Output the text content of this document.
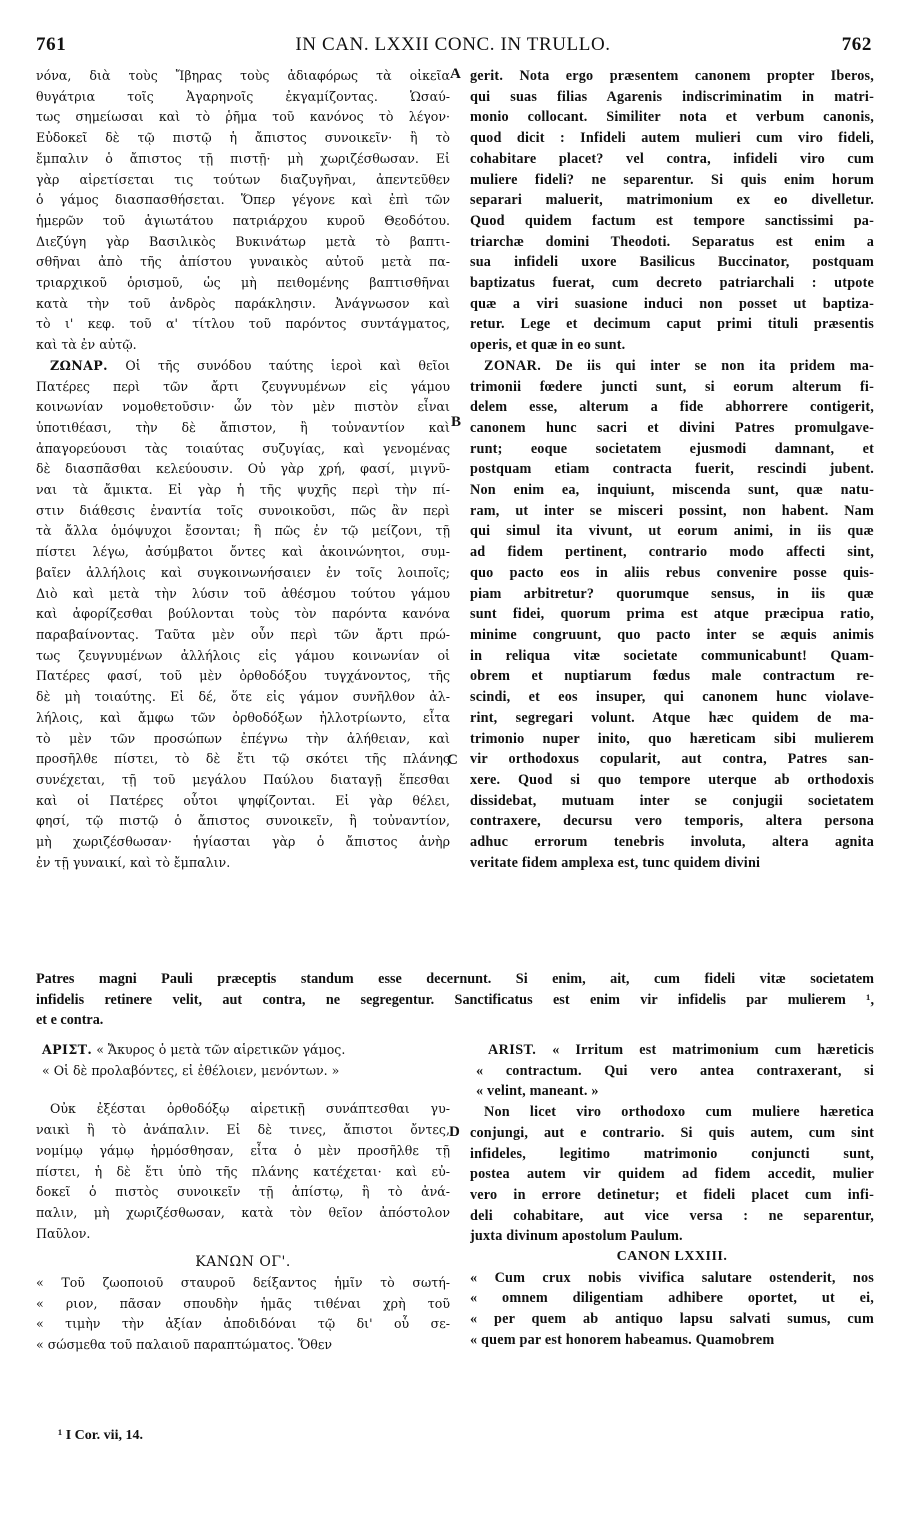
761	IN CAN. LXXII CONC. IN TRULLO.	762
A
B
C
D
νόνα, διὰ τοὺς Ἴβηρας τοὺς ἀδιαφόρως τὰ οἰκεῖα
θυγάτρια τοῖς Ἀγαρηνοῖς ἐκγαμίζοντας. Ὡσαύ-
τως σημείωσαι καὶ τὸ ῥῆμα τοῦ κανόνος τὸ λέγον·
Εὐδοκεῖ δὲ τῷ πιστῷ ἡ ἄπιστος συνοικεῖν· ἢ τὸ
ἔμπαλιν ὁ ἄπιστος τῇ πιστῇ· μὴ χωριζέσθωσαν. Εἰ
γὰρ αἱρετίσεται τις τούτων διαζυγῆναι, ἀπεντεῦθεν
ὁ γάμος διασπασθήσεται. Ὅπερ γέγονε καὶ ἐπὶ τῶν
ἡμερῶν τοῦ ἁγιωτάτου πατριάρχου κυροῦ Θεοδότου.
Διεζύγη γὰρ Βασιλικὸς Βυκινάτωρ μετὰ τὸ βαπτι-
σθῆναι ἀπὸ τῆς ἀπίστου γυναικὸς αὐτοῦ μετὰ πα-
τριαρχικοῦ ὁρισμοῦ, ὡς μὴ πειθομένης βαπτισθῆναι
κατὰ τὴν τοῦ ἀνδρὸς παράκλησιν. Ἀνάγνωσον καὶ
τὸ ι' κεφ. τοῦ α' τίτλου τοῦ παρόντος συντάγματος,
καὶ τὰ ἐν αὐτῷ.
ΖΩΝΑΡ. Οἱ τῆς συνόδου ταύτης ἱεροὶ καὶ θεῖοι
Πατέρες περὶ τῶν ἄρτι ζευγνυμένων εἰς γάμου
κοινωνίαν νομοθετοῦσιν· ὧν τὸν μὲν πιστὸν εἶναι
ὑποτιθέασι, τὴν δὲ ἄπιστον, ἢ τοὐναντίον καὶ
ἀπαγορεύουσι τὰς τοιαύτας συζυγίας, καὶ γενομένας
δὲ διασπᾶσθαι κελεύουσιν. Οὐ γὰρ χρή, φασί, μιγνῦ-
ναι τὰ ἄμικτα. Εἰ γὰρ ἡ τῆς ψυχῆς περὶ τὴν πί-
στιν διάθεσις ἐναντία τοῖς συνοικοῦσι, πῶς ἂν περὶ
τὰ ἄλλα ὁμόψυχοι ἔσονται; ἢ πῶς ἐν τῷ μείζονι, τῇ
πίστει λέγω, ἀσύμβατοι ὄντες καὶ ἀκοινώνητοι, συμ-
βαῖεν ἀλλήλοις καὶ συγκοινωνήσαιεν ἐν τοῖς λοιποῖς;
Διὸ καὶ μετὰ τὴν λύσιν τοῦ ἀθέσμου τούτου γάμου
καὶ ἀφορίζεσθαι βούλονται τοὺς τὸν παρόντα κανόνα
παραβαίνοντας. Ταῦτα μὲν οὖν περὶ τῶν ἄρτι πρώ-
τως ζευγνυμένων ἀλλήλοις εἰς γάμου κοινωνίαν οἱ
Πατέρες φασί, τοῦ μὲν ὀρθοδόξου τυγχάνοντος, τῆς
δὲ μὴ τοιαύτης. Εἰ δέ, ὅτε εἰς γάμον συνῆλθον ἀλ-
λήλοις, καὶ ἄμφω τῶν ὀρθοδόξων ἠλλοτρίωντο, εἶτα
τὸ μὲν τῶν προσώπων ἐπέγνω τὴν ἀλήθειαν, καὶ
προσῆλθε πίστει, τὸ δὲ ἔτι τῷ σκότει τῆς πλάνης
συνέχεται, τῇ τοῦ μεγάλου Παύλου διαταγῇ ἕπεσθαι
καὶ οἱ Πατέρες οὗτοι ψηφίζονται. Εἰ γὰρ θέλει,
φησί, τῷ πιστῷ ὁ ἄπιστος συνοικεῖν, ἢ τοὐναντίον,
μὴ χωριζέσθωσαν· ἡγίασται γὰρ ὁ ἄπιστος ἀνὴρ
ἐν τῇ γυναικί, καὶ τὸ ἔμπαλιν.
gerit. Nota ergo præsentem canonem propter Iberos,
qui suas filias Agarenis indiscriminatim in matri-
monio collocant. Similiter nota et verbum canonis,
quod dicit : Infideli autem mulieri cum viro fideli,
cohabitare placet? vel contra, infideli viro cum
muliere fideli? ne separentur. Si quis enim horum
separari maluerit, matrimonium ex eo divelletur.
Quod quidem factum est tempore sanctissimi pa-
triarchæ domini Theodoti. Separatus est enim a
sua infideli uxore Basilicus Buccinator, postquam
baptizatus fuerat, cum decreto patriarchali : utpote
quæ a viri suasione induci non posset ut baptiza-
retur. Lege et decimum caput primi tituli præsentis
operis, et quæ in eo sunt.
ZONAR. De iis qui inter se non ita pridem ma-
trimonii fœdere juncti sunt, si eorum alterum fi-
delem esse, alterum a fide abhorrere contigerit,
canonem hunc sacri et divini Patres promulgave-
runt; eoque societatem ejusmodi damnant, et
postquam etiam contracta fuerit, rescindi jubent.
Non enim ea, inquiunt, miscenda sunt, quæ natu-
ram, ut inter se misceri possint, non habent. Nam
qui simul ita vivunt, ut eorum animi, in iis quæ
ad fidem pertinent, contrario modo affecti sint,
quo pacto eos in aliis rebus convenire posse quis-
piam arbitretur? quorumque sensus, in iis quæ
sunt fidei, quorum prima est atque præcipua ratio,
minime congruunt, quo pacto inter se æquis animis
in reliqua vitæ societate communicabunt! Quam-
obrem et nuptiarum fœdus male contractum re-
scindi, et eos insuper, qui canonem hunc violave-
rint, segregari volunt. Atque hæc quidem de ma-
trimonio nuper inito, quo hæreticam sibi mulierem
vir orthodoxus copularit, aut contra, Patres san-
xere. Quod si quo tempore uterque ab orthodoxis
dissidebat, mutuam inter se conjugii societatem
contraxere, decursu vero temporis, altera persona
adhuc errorum tenebris involuta, altera agnita
veritate fidem amplexa est, tunc quidem divini
Patres magni Pauli præceptis standum esse decernunt. Si enim, ait, cum fideli vitæ societatem
infidelis retinere velit, aut contra, ne segregentur. Sanctificatus est enim vir infidelis par mulierem ¹,
et e contra.
ΑΡΙΣΤ. « Ἄκυρος ὁ μετὰ τῶν αἱρετικῶν γάμος.
« Οἱ δὲ προλαβόντες, εἰ ἐθέλοιεν, μενόντων. »
Οὐκ ἐξέσται ὀρθοδόξῳ αἱρετικῇ συνάπτεσθαι γυ-
ναικὶ ἢ τὸ ἀνάπαλιν. Εἰ δὲ τινες, ἄπιστοι ὄντες,
νομίμῳ γάμῳ ἡρμόσθησαν, εἶτα ὁ μὲν προσῆλθε τῇ
πίστει, ἡ δὲ ἔτι ὑπὸ τῆς πλάνης κατέχεται· καὶ εὐ-
δοκεῖ ὁ πιστὸς συνοικεῖν τῇ ἀπίστῳ, ἢ τὸ ἀνά-
παλιν, μὴ χωριζέσθωσαν, κατὰ τὸν θεῖον ἀπόστολον
Παῦλον.
ΚΑΝΩΝ ΟΓ'.
« Τοῦ ζωοποιοῦ σταυροῦ δείξαντος ἡμῖν τὸ σωτή-
« ριον, πᾶσαν σπουδὴν ἡμᾶς τιθέναι χρὴ τοῦ
« τιμὴν τὴν ἀξίαν ἀποδιδόναι τῷ δι' οὗ σε-
« σώσμεθα τοῦ παλαιοῦ παραπτώματος. Ὅθεν
ARIST. « Irritum est matrimonium cum hæreticis
« contractum. Qui vero antea contraxerant, si
« velint, maneant. »
Non licet viro orthodoxo cum muliere hæretica
conjungi, aut e contrario. Si quis autem, cum sint
infideles, legitimo matrimonio conjuncti sunt,
postea autem vir quidem ad fidem accedit, mulier
vero in errore detinetur; et fideli placet cum infi-
deli cohabitare, aut vice versa : ne separentur,
juxta divinum apostolum Paulum.
CANON LXXIII.
« Cum crux nobis vivifica salutare ostenderit, nos
« omnem diligentiam adhibere oportet, ut ei,
« per quem ab antiquo lapsu salvati sumus, cum
« quem par est honorem habeamus. Quamobrem
¹ I Cor. vii, 14.
